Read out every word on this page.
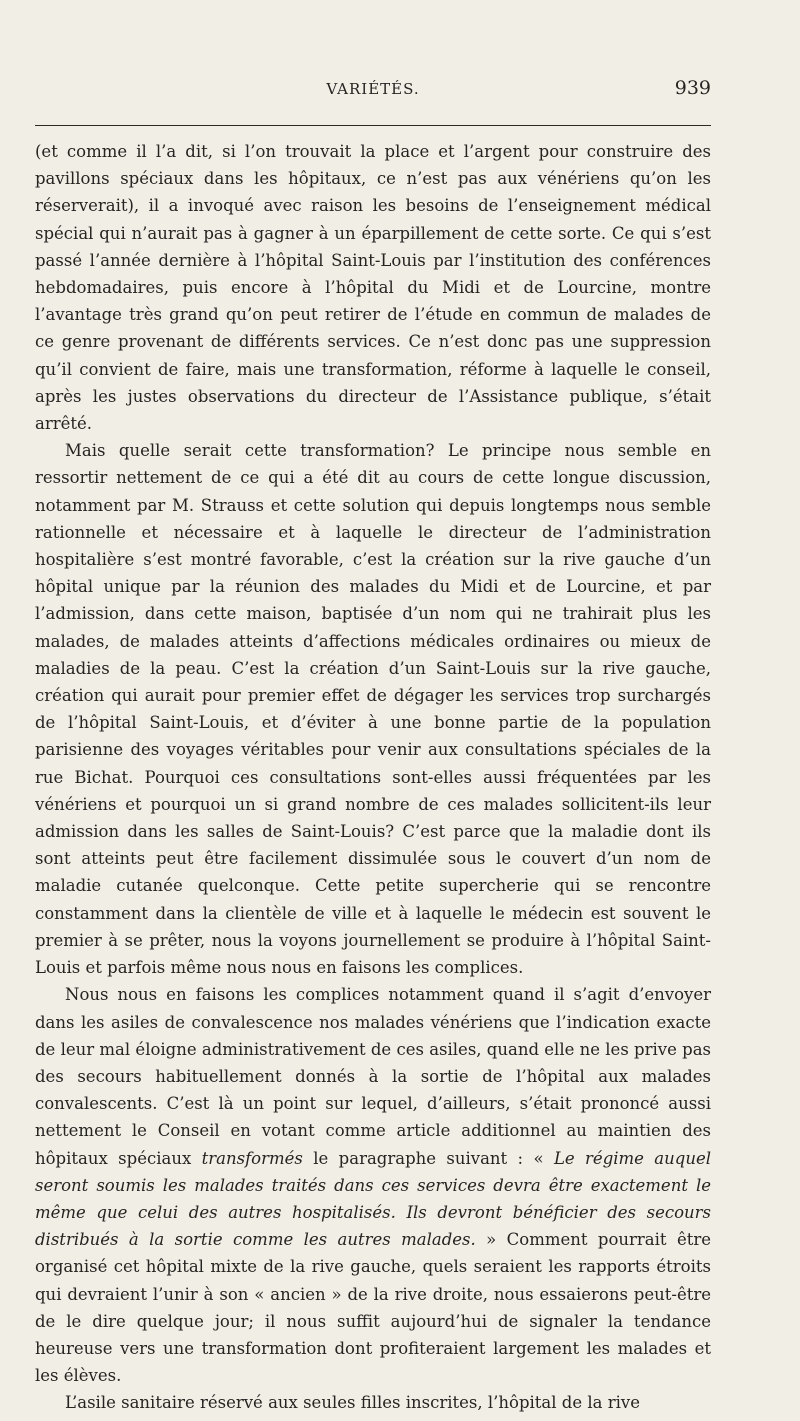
VARIÉTÉS.	939

(et comme il l’a dit, si l’on trouvait la place et l’argent pour construire des pavillons spéciaux dans les hôpitaux, ce n’est pas aux vénériens qu’on les réserverait), il a invoqué avec raison les besoins de l’enseignement médical spécial qui n’aurait pas à gagner à un éparpillement de cette sorte. Ce qui s’est passé l’année dernière à l’hôpital Saint-Louis par l’institution des conférences hebdomadaires, puis encore à l’hôpital du Midi et de Lourcine, montre l’avantage très grand qu’on peut retirer de l’étude en commun de malades de ce genre provenant de différents services. Ce n’est donc pas une suppression qu’il convient de faire, mais une transformation, réforme à laquelle le conseil, après les justes observations du directeur de l’Assistance publique, s’était arrêté.

Mais quelle serait cette transformation? Le principe nous semble en ressortir nettement de ce qui a été dit au cours de cette longue discussion, notamment par M. Strauss et cette solution qui depuis longtemps nous semble rationnelle et nécessaire et à laquelle le directeur de l’administration hospitalière s’est montré favorable, c’est la création sur la rive gauche d’un hôpital unique par la réunion des malades du Midi et de Lourcine, et par l’admission, dans cette maison, baptisée d’un nom qui ne trahirait plus les malades, de malades atteints d’affections médicales ordinaires ou mieux de maladies de la peau. C’est la création d’un Saint-Louis sur la rive gauche, création qui aurait pour premier effet de dégager les services trop surchargés de l’hôpital Saint-Louis, et d’éviter à une bonne partie de la population parisienne des voyages véritables pour venir aux consultations spéciales de la rue Bichat. Pourquoi ces consultations sont-elles aussi fréquentées par les vénériens et pourquoi un si grand nombre de ces malades sollicitent-ils leur admission dans les salles de Saint-Louis? C’est parce que la maladie dont ils sont atteints peut être facilement dissimulée sous le couvert d’un nom de maladie cutanée quelconque. Cette petite supercherie qui se rencontre constamment dans la clientèle de ville et à laquelle le médecin est souvent le premier à se prêter, nous la voyons journellement se produire à l’hôpital Saint-Louis et parfois même nous nous en faisons les complices.

Nous nous en faisons les complices notamment quand il s’agit d’envoyer dans les asiles de convalescence nos malades vénériens que l’indication exacte de leur mal éloigne administrativement de ces asiles, quand elle ne les prive pas des secours habituellement donnés à la sortie de l’hôpital aux malades convalescents. C’est là un point sur lequel, d’ailleurs, s’était prononcé aussi nettement le Conseil en votant comme article additionnel au maintien des hôpitaux spéciaux transformés le paragraphe suivant : « Le régime auquel seront soumis les malades traités dans ces services devra être exactement le même que celui des autres hospitalisés. Ils devront bénéficier des secours distribués à la sortie comme les autres malades. » Comment pourrait être organisé cet hôpital mixte de la rive gauche, quels seraient les rapports étroits qui devraient l’unir à son « ancien » de la rive droite, nous essaierons peut-être de le dire quelque jour; il nous suffit aujourd’hui de signaler la tendance heureuse vers une transformation dont profiteraient largement les malades et les élèves.

L’asile sanitaire réservé aux seules filles inscrites, l’hôpital de la rive
